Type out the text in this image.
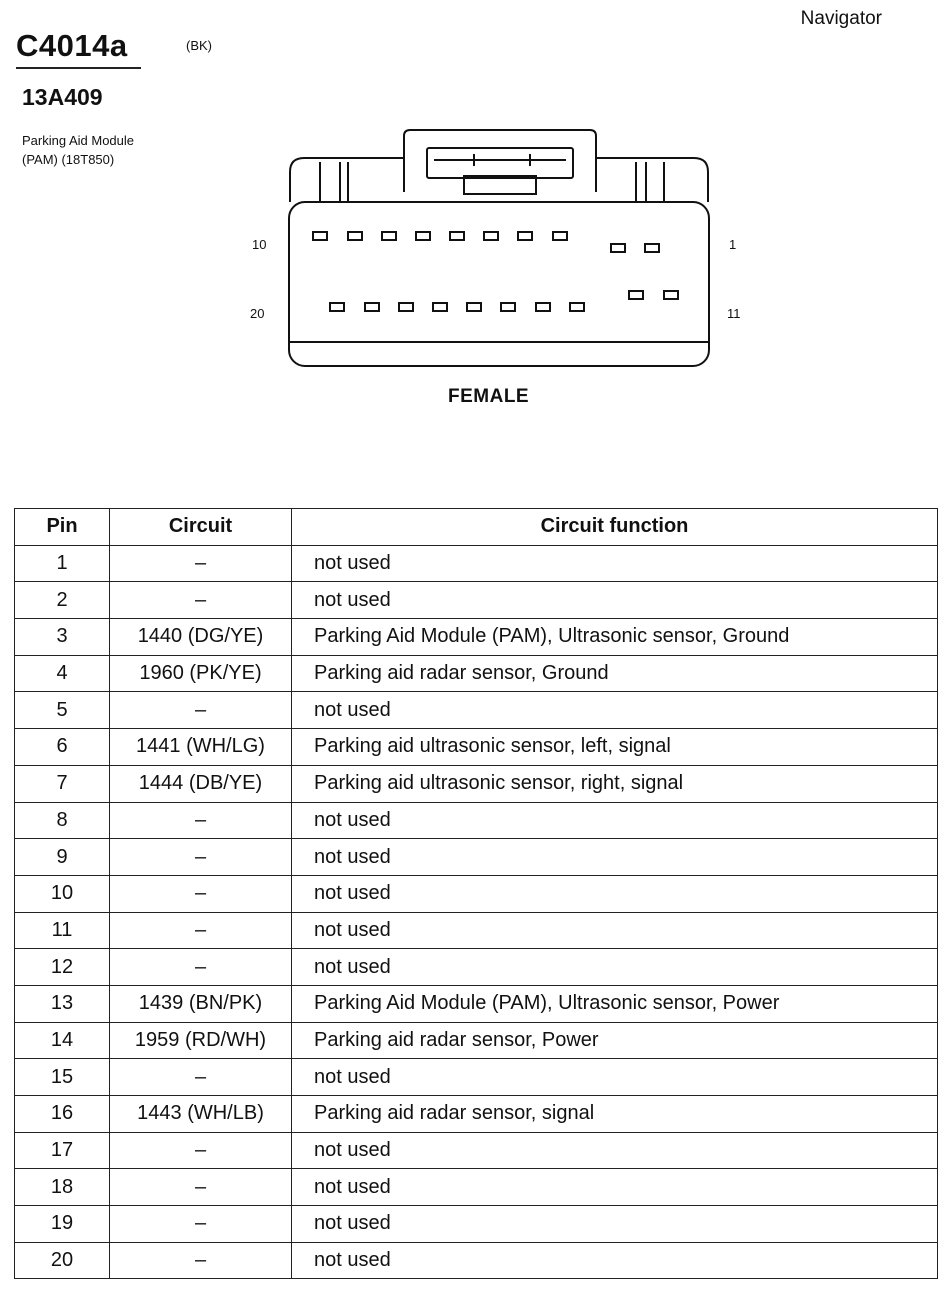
Navigator
C4014a	(BK)
13A409
Parking Aid Module
(PAM) (18T850)
10
20
1
11
FEMALE
Pin	Circuit	Circuit function
1	–	not used
2	–	not used
3	1440 (DG/YE)	Parking Aid Module (PAM), Ultrasonic sensor, Ground
4	1960 (PK/YE)	Parking aid radar sensor, Ground
5	–	not used
6	1441 (WH/LG)	Parking aid ultrasonic sensor, left, signal
7	1444 (DB/YE)	Parking aid ultrasonic sensor, right, signal
8	–	not used
9	–	not used
10	–	not used
11	–	not used
12	–	not used
13	1439 (BN/PK)	Parking Aid Module (PAM), Ultrasonic sensor, Power
14	1959 (RD/WH)	Parking aid radar sensor, Power
15	–	not used
16	1443 (WH/LB)	Parking aid radar sensor, signal
17	–	not used
18	–	not used
19	–	not used
20	–	not used
